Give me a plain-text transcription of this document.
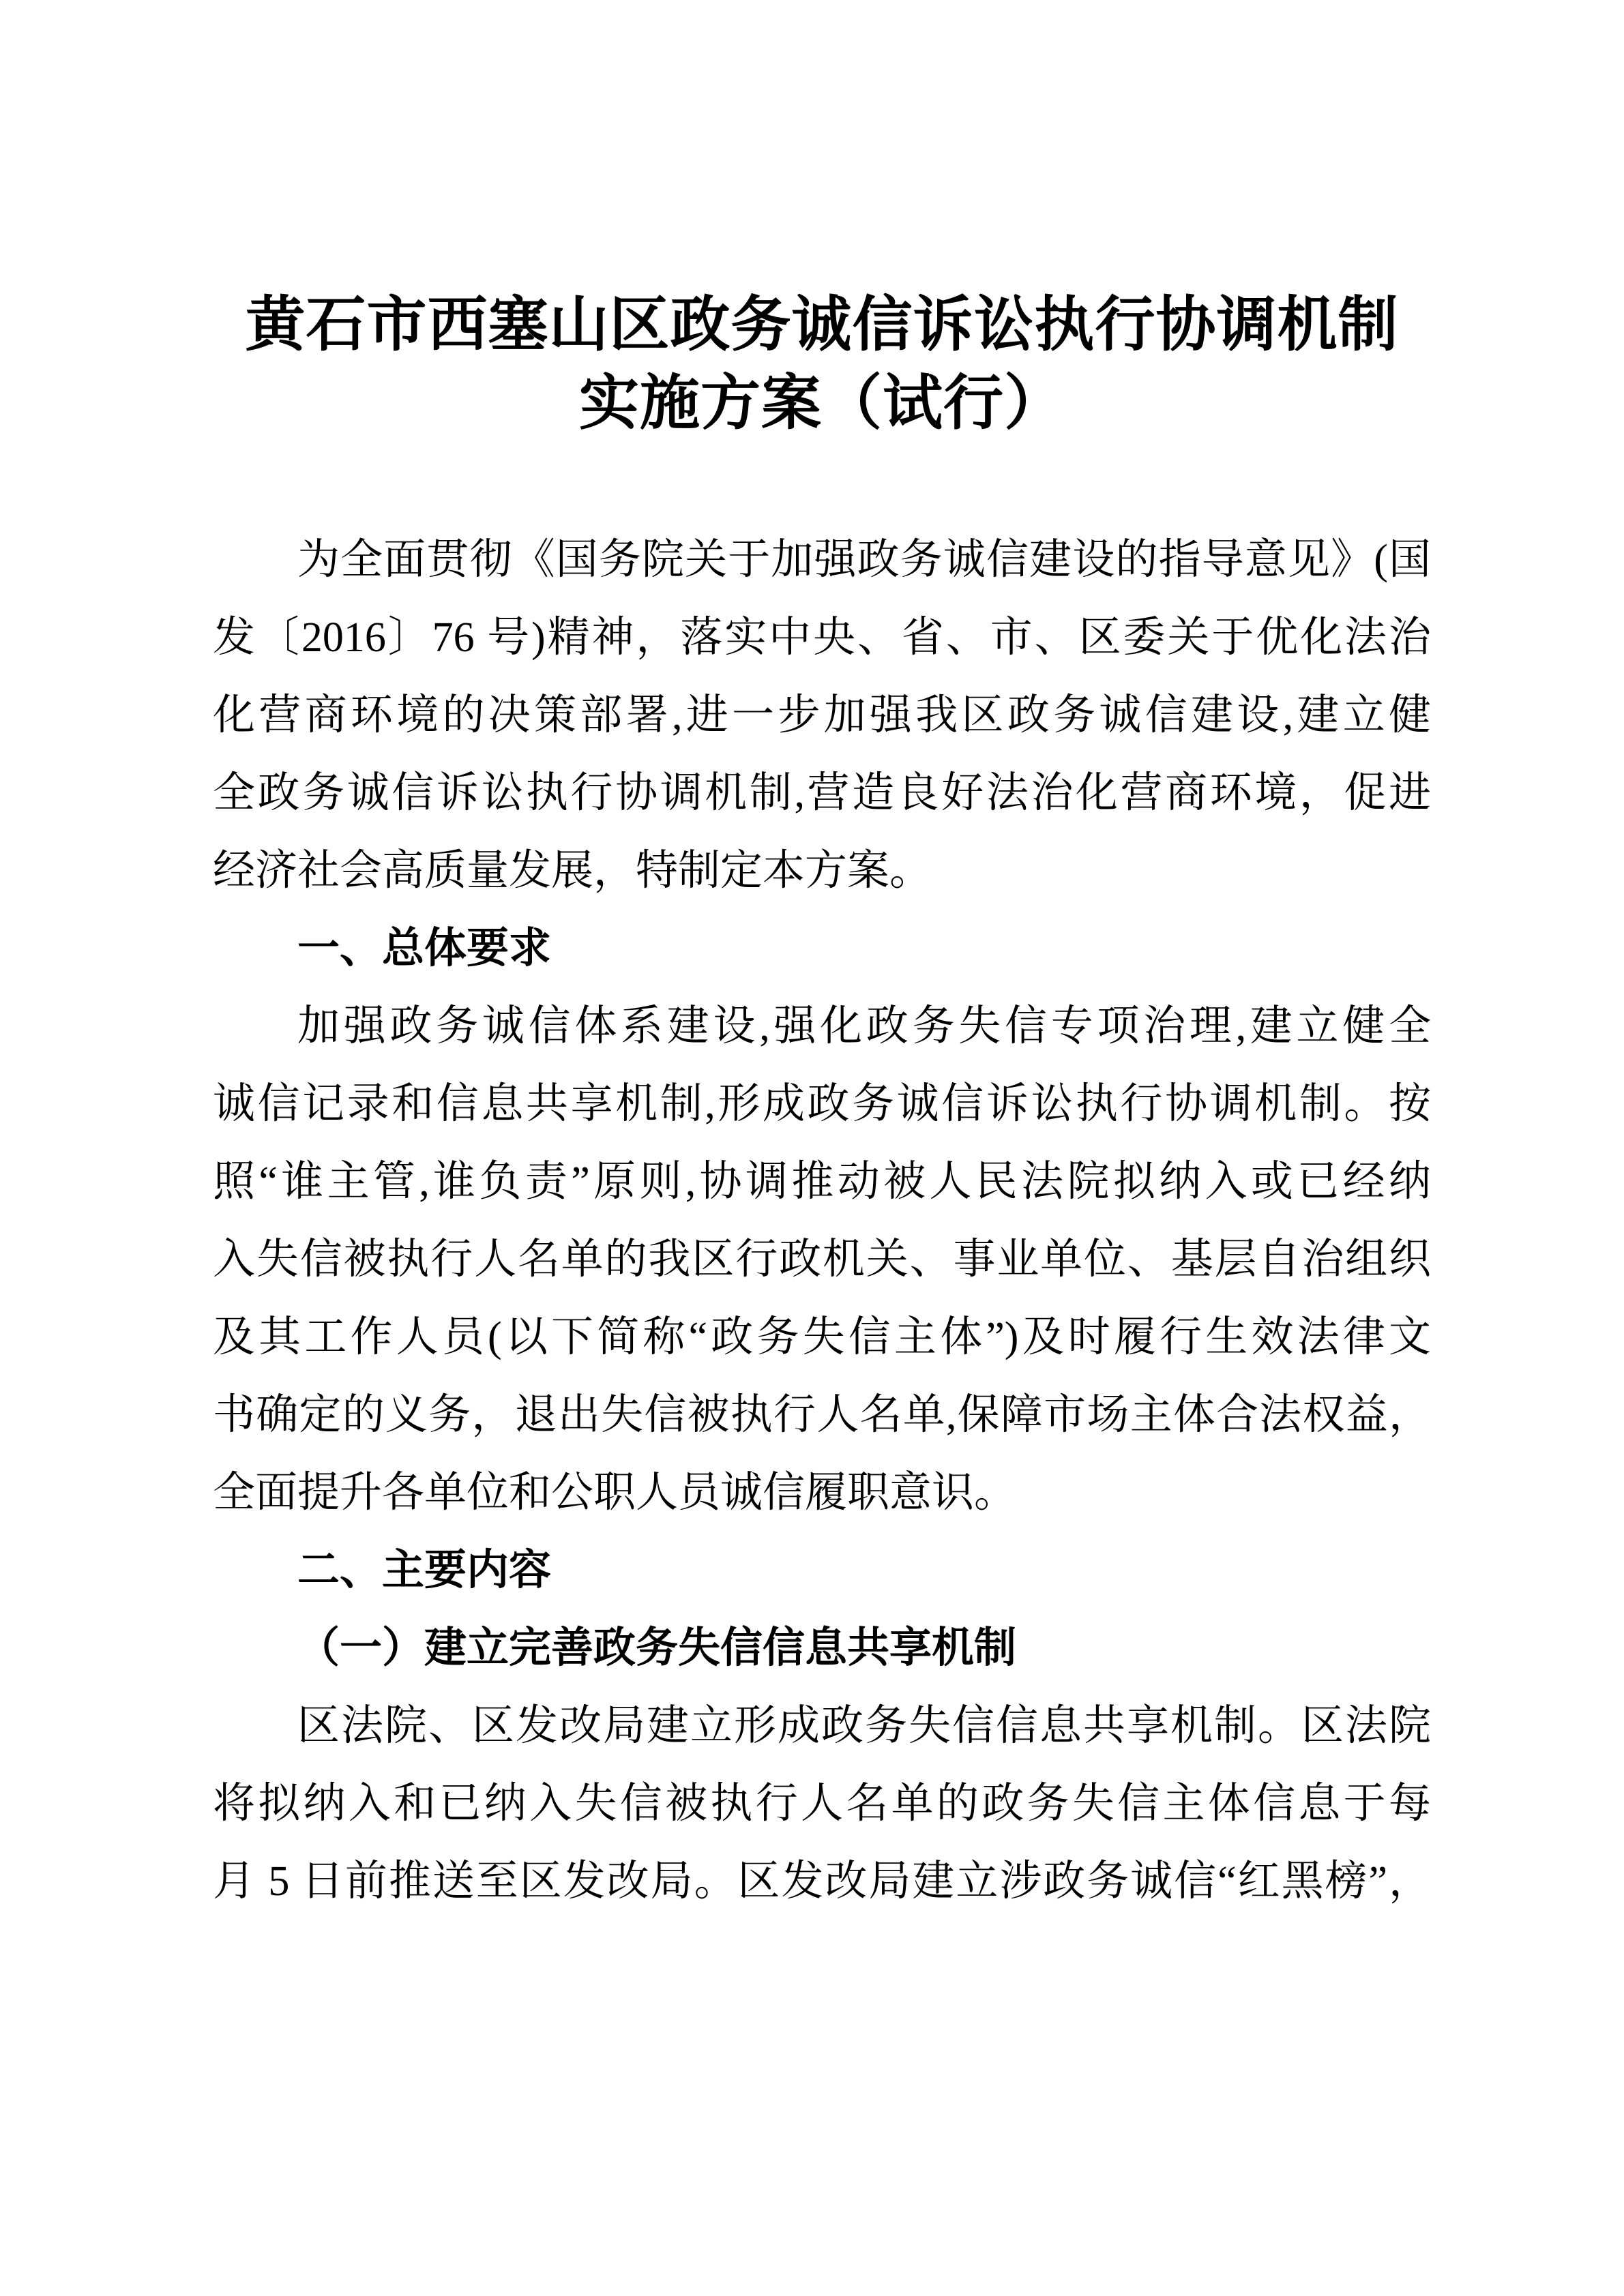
黄石市西塞山区政务诚信诉讼执行协调机制
实施方案（试行）
为全面贯彻《国务院关于加强政务诚信建设的指导意见》(国
发〔2016〕76 号)精神，落实中央、省、市、区委关于优化法治
化营商环境的决策部署,进一步加强我区政务诚信建设,建立健
全政务诚信诉讼执行协调机制,营造良好法治化营商环境，促进
经济社会高质量发展，特制定本方案。
一、总体要求
加强政务诚信体系建设,强化政务失信专项治理,建立健全
诚信记录和信息共享机制,形成政务诚信诉讼执行协调机制。按
照“谁主管,谁负责”原则,协调推动被人民法院拟纳入或已经纳
入失信被执行人名单的我区行政机关、事业单位、基层自治组织
及其工作人员(以下简称“政务失信主体”)及时履行生效法律文
书确定的义务，退出失信被执行人名单,保障市场主体合法权益，
全面提升各单位和公职人员诚信履职意识。
二、主要内容
（一）建立完善政务失信信息共享机制
区法院、区发改局建立形成政务失信信息共享机制。区法院
将拟纳入和已纳入失信被执行人名单的政务失信主体信息于每
月 5 日前推送至区发改局。区发改局建立涉政务诚信“红黑榜”，
